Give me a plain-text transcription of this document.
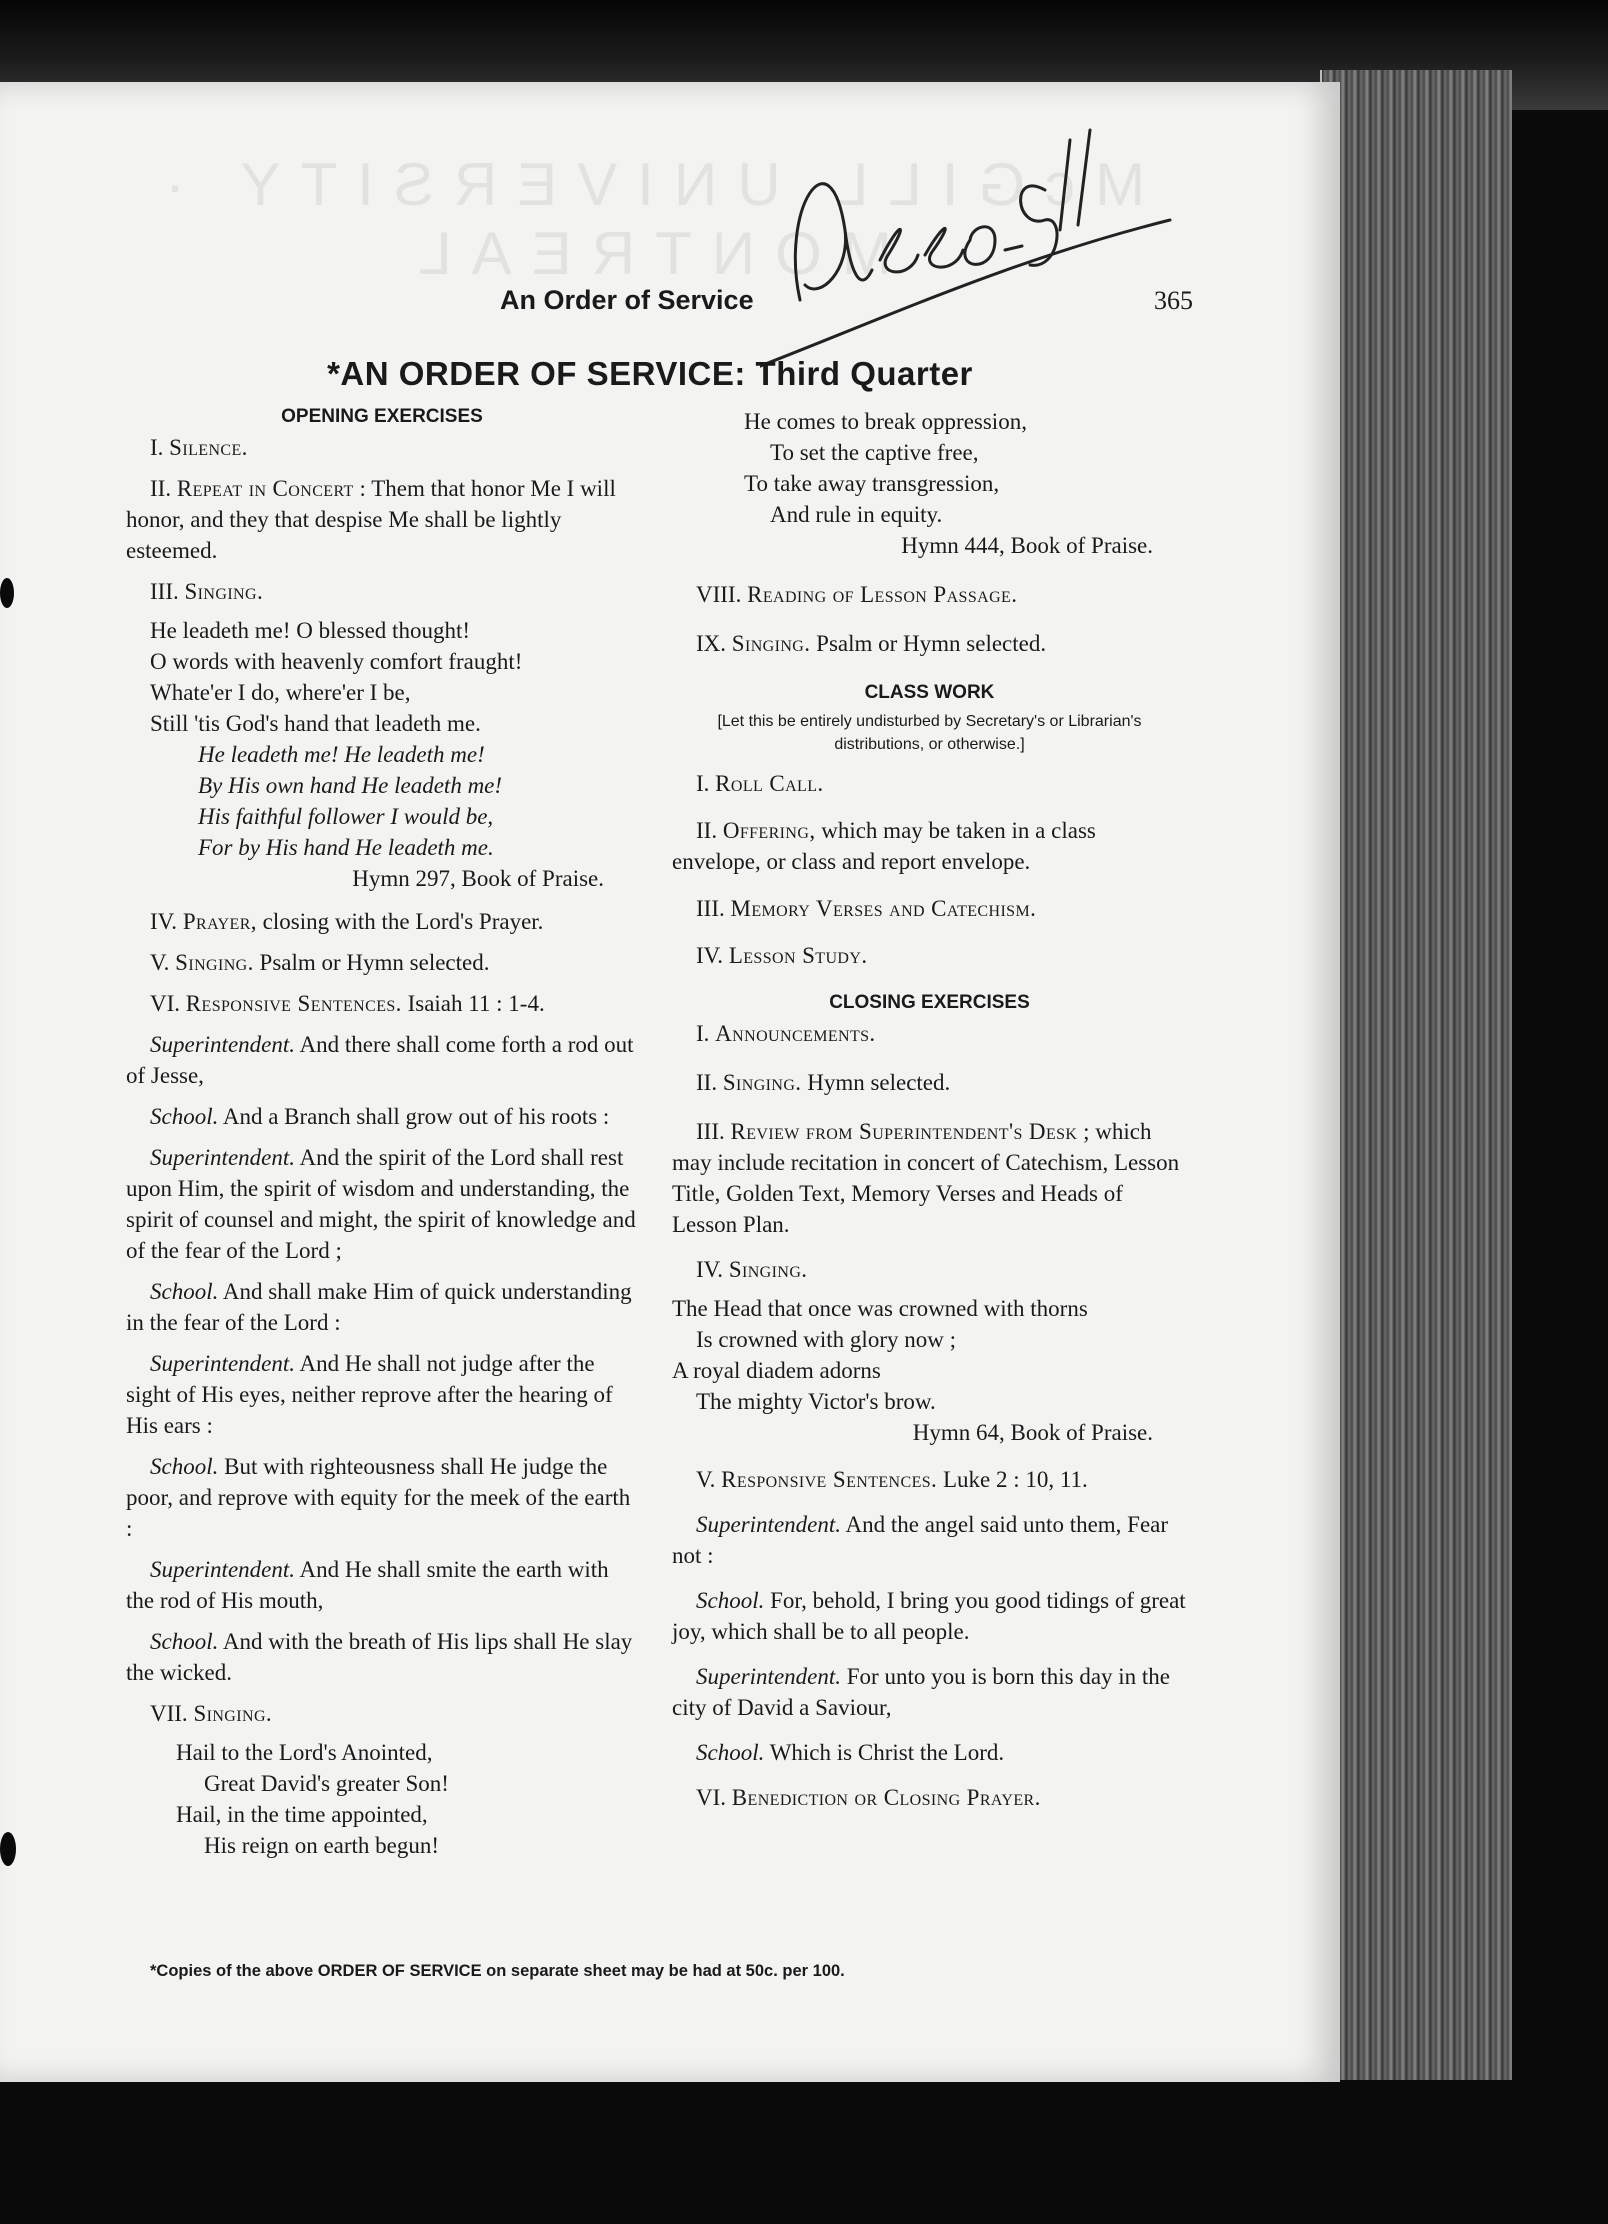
McGILL UNIVERSITY · MONTREAL
An Order of Service	365
*AN ORDER OF SERVICE: Third Quarter

OPENING EXERCISES

I. Silence.

II. Repeat in Concert : Them that honor Me I will honor, and they that despise Me shall be lightly esteemed.

III. Singing.

He leadeth me! O blessed thought!

O words with heavenly comfort fraught!

Whate'er I do, where'er I be,

Still 'tis God's hand that leadeth me.

He leadeth me! He leadeth me!

By His own hand He leadeth me!

His faithful follower I would be,

For by His hand He leadeth me.

Hymn 297, Book of Praise.

IV. Prayer, closing with the Lord's Prayer.

V. Singing. Psalm or Hymn selected.

VI. Responsive Sentences. Isaiah 11 : 1-4.

Superintendent. And there shall come forth a rod out of Jesse,

School. And a Branch shall grow out of his roots :

Superintendent. And the spirit of the Lord shall rest upon Him, the spirit of wisdom and understanding, the spirit of counsel and might, the spirit of knowledge and of the fear of the Lord ;

School. And shall make Him of quick understanding in the fear of the Lord :

Superintendent. And He shall not judge after the sight of His eyes, neither reprove after the hearing of His ears :

School. But with righteousness shall He judge the poor, and reprove with equity for the meek of the earth :

Superintendent. And He shall smite the earth with the rod of His mouth,

School. And with the breath of His lips shall He slay the wicked.

VII. Singing.

Hail to the Lord's Anointed,

Great David's greater Son!

Hail, in the time appointed,

His reign on earth begun!

He comes to break oppression,

To set the captive free,

To take away transgression,

And rule in equity.

Hymn 444, Book of Praise.

VIII. Reading of Lesson Passage.

IX. Singing. Psalm or Hymn selected.

CLASS WORK

[Let this be entirely undisturbed by Secretary's or Librarian's distributions, or otherwise.]

I. Roll Call.

II. Offering, which may be taken in a class envelope, or class and report envelope.

III. Memory Verses and Catechism.

IV. Lesson Study.

CLOSING EXERCISES

I. Announcements.

II. Singing. Hymn selected.

III. Review from Superintendent's Desk ; which may include recitation in concert of Catechism, Lesson Title, Golden Text, Memory Verses and Heads of Lesson Plan.

IV. Singing.

The Head that once was crowned with thorns

Is crowned with glory now ;

A royal diadem adorns

The mighty Victor's brow.

Hymn 64, Book of Praise.

V. Responsive Sentences. Luke 2 : 10, 11.

Superintendent. And the angel said unto them, Fear not :

School. For, behold, I bring you good tidings of great joy, which shall be to all people.

Superintendent. For unto you is born this day in the city of David a Saviour,

School. Which is Christ the Lord.

VI. Benediction or Closing Prayer.

*Copies of the above ORDER OF SERVICE on separate sheet may be had at 50c. per 100.
